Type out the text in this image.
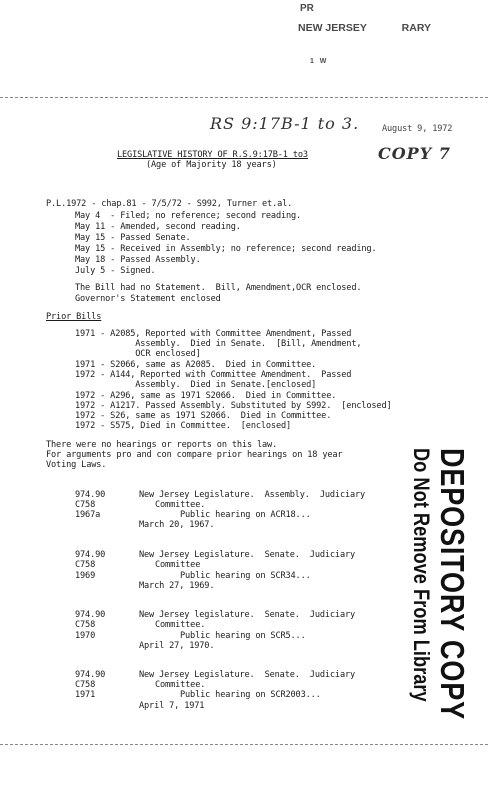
PR
NEW JERSEY            RARY
1   W

RS 9:17B-1 to 3.	August 9, 1972
COPY 7
LEGISLATIVE HISTORY OF R.S.9:17B-1 to3
(Age of Majority 18 years)
P.L.1972 - chap.81 - 7/5/72 - S992, Turner et.al.
May 4  - Filed; no reference; second reading.
May 11 - Amended, second reading.
May 15 - Passed Senate.
May 15 - Received in Assembly; no reference; second reading.
May 18 - Passed Assembly.
July 5 - Signed.
The Bill had no Statement.  Bill, Amendment,OCR enclosed.
Governor's Statement enclosed
Prior Bills
1971 - A2085, Reported with Committee Amendment, Passed
Assembly.  Died in Senate.  [Bill, Amendment,
OCR enclosed]
1971 - S2066, same as A2085.  Died in Committee.
1972 - A144, Reported with Committee Amendment.  Passed
Assembly.  Died in Senate.[enclosed]
1972 - A296, same as 1971 S2066.  Died in Committee.
1972 - A1217. Passed Assembly. Substituted by S992.  [enclosed]
1972 - S26, same as 1971 S2066.  Died in Committee.
1972 - S575, Died in Committee.  [enclosed]
There were no hearings or reports on this law.
For arguments pro and con compare prior hearings on 18 year
Voting Laws.
974.90
C758
1967a
New Jersey Legislature.  Assembly.  Judiciary
Committee.
Public hearing on ACR18...
March 20, 1967.
974.90
C758
1969
New Jersey Legislature.  Senate.  Judiciary
Committee
Public hearing on SCR34...
March 27, 1969.
974.90
C758
1970
New Jersey legislature.  Senate.  Judiciary
Committee.
Public hearing on SCR5...
April 27, 1970.
974.90
C758
1971
New Jersey Legislature.  Senate.  Judiciary
Committee.
Public hearing on SCR2003...
April 7, 1971	DEPOSITORY COPY
Do Not Remove From Library
